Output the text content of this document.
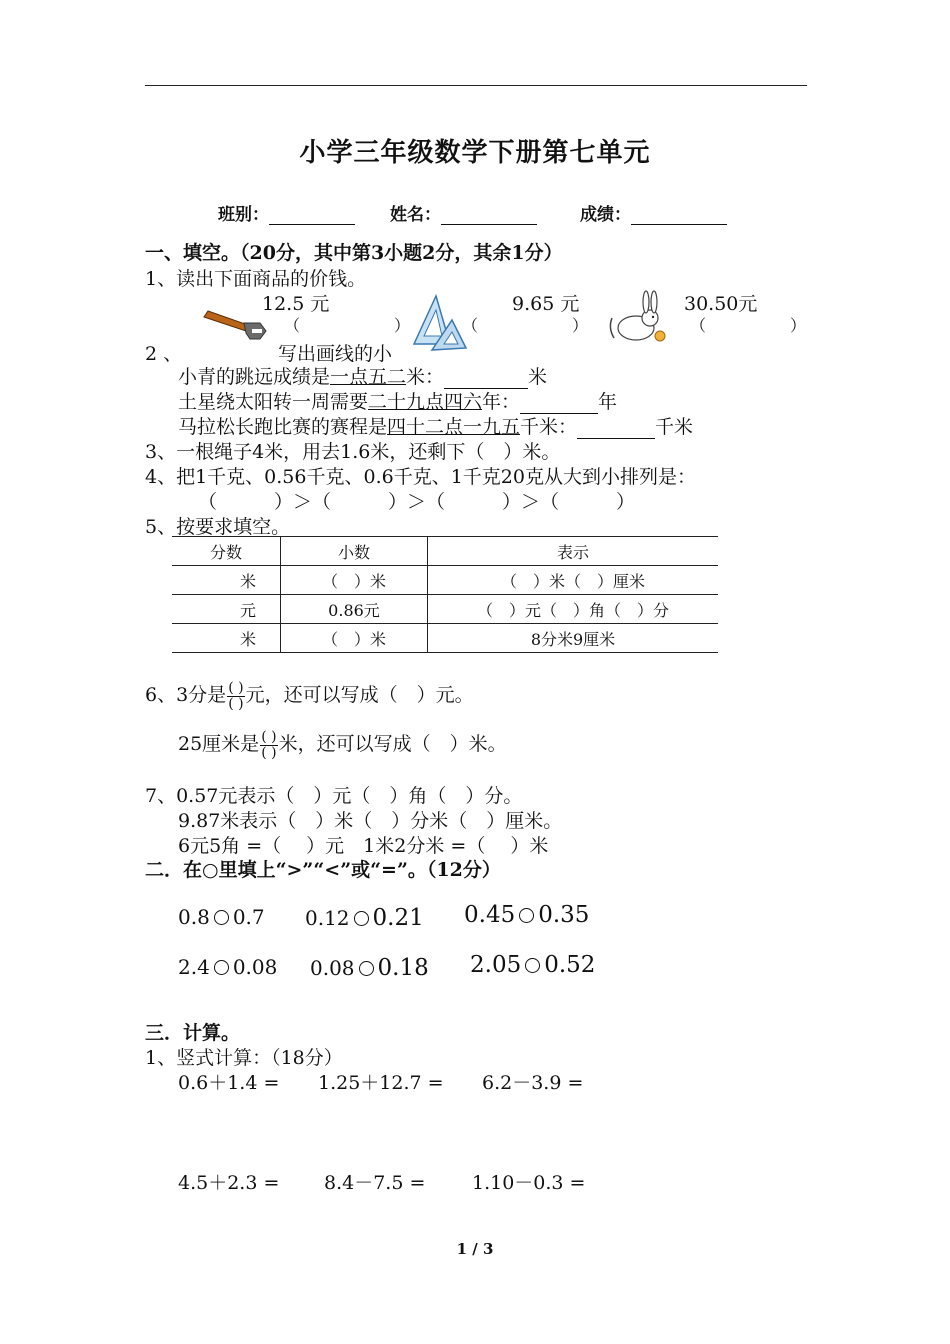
小学三年级数学下册第七单元
班别：	姓名：	成绩：
一、填空。（20分，其中第3小题2分，其余1分）
1、读出下面商品的价钱。
12.5 元	9.65 元	30.50元
（	）	（	）	（	）
2 、	写出画线的小
小青的跳远成绩是一点五二米：	米
土星绕太阳转一周需要二十九点四六年：	年
马拉松长跑比赛的赛程是四十二点一九五千米：	千米
3、一根绳子4米，用去1.6米，还剩下（　）米。
4、把1千克、0.56千克、0.6千克、1千克20克从大到小排列是：
（　　　）＞（　　　）＞（　　　）＞（　　　）
5、按要求填空。
分数	小数	表示
米	（　）米	（　）米（　）厘米
元	0.86元	（　）元（　）角（　）分
米	（　）米	8分米9厘米
6、3分是 $\frac{( )}{( )}$ 元，还可以写成（　）元。
25厘米是 $\frac{( )}{( )}$ 米，还可以写成（　）米。
7、0.57元表示（　）元（　）角（　）分。
9.87米表示（　）米（　）分米（　）厘米。
6元5角 =（　 ）元　1米2分米 =（　 ）米
二．在○里填上“>”“<”或“=”。（12分）
0.8 0.7 0.12 0.21 0.45 0.35
2.4 0.08 0.08 0.18 2.05 0.52
三．计算。
1、竖式计算：（18分）
0.6＋1.4 = 1.25＋12.7 = 6.2－3.9 =
4.5＋2.3 = 8.4－7.5 = 1.10－0.3 =
1 / 3
